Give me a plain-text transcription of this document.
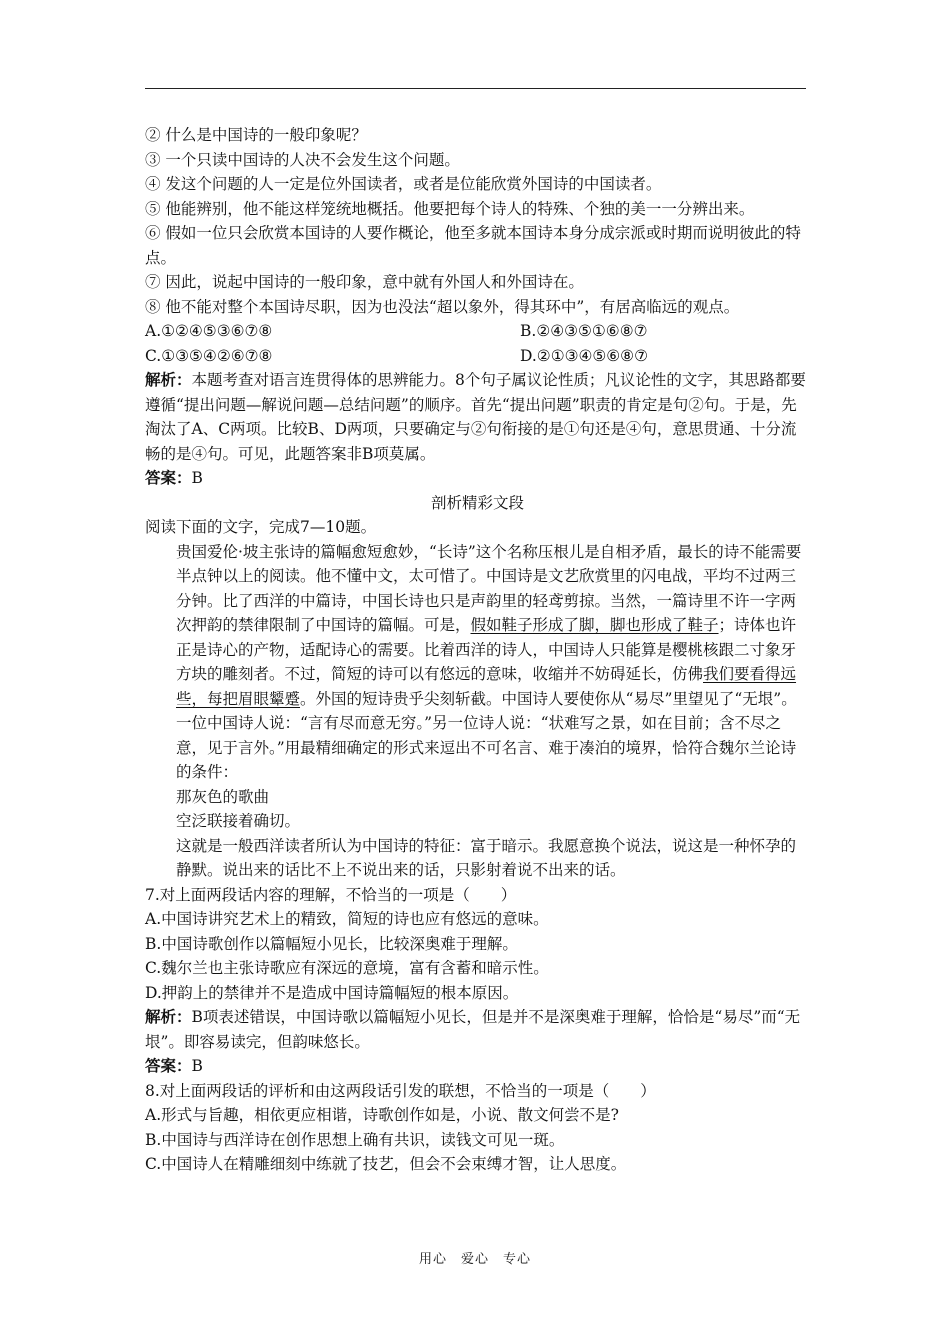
② 什么是中国诗的一般印象呢？
③ 一个只读中国诗的人决不会发生这个问题。
④ 发这个问题的人一定是位外国读者，或者是位能欣赏外国诗的中国读者。
⑤ 他能辨别，他不能这样笼统地概括。他要把每个诗人的特殊、个独的美一一分辨出来。
⑥ 假如一位只会欣赏本国诗的人要作概论，他至多就本国诗本身分成宗派或时期而说明彼此的特点。
⑦ 因此，说起中国诗的一般印象，意中就有外国人和外国诗在。
⑧ 他不能对整个本国诗尽职，因为也没法“超以象外，得其环中”，有居高临远的观点。
A.①②④⑤③⑥⑦⑧	B.②④③⑤①⑥⑧⑦
C.①③⑤④②⑥⑦⑧	D.②①③④⑤⑥⑧⑦
解析：本题考查对语言连贯得体的思辨能力。8个句子属议论性质；凡议论性的文字，其思路都要遵循“提出问题—解说问题—总结问题”的顺序。首先“提出问题”职责的肯定是句②句。于是，先淘汰了A、C两项。比较B、D两项，只要确定与②句衔接的是①句还是④句，意思贯通、十分流畅的是④句。可见，此题答案非B项莫属。
答案：B
剖析精彩文段
阅读下面的文字，完成7—10题。
贵国爱伦·坡主张诗的篇幅愈短愈妙，“长诗”这个名称压根儿是自相矛盾，最长的诗不能需要半点钟以上的阅读。他不懂中文，太可惜了。中国诗是文艺欣赏里的闪电战，平均不过两三分钟。比了西洋的中篇诗，中国长诗也只是声韵里的轻鸢剪掠。当然，一篇诗里不许一字两次押韵的禁律限制了中国诗的篇幅。可是，假如鞋子形成了脚，脚也形成了鞋子；诗体也许正是诗心的产物，适配诗心的需要。比着西洋的诗人，中国诗人只能算是樱桃核跟二寸象牙方块的雕刻者。不过，简短的诗可以有悠远的意味，收缩并不妨碍延长，仿佛我们要看得远些，每把眉眼颦蹙。外国的短诗贵乎尖刻斩截。中国诗人要使你从“易尽”里望见了“无垠”。
一位中国诗人说：“言有尽而意无穷。”另一位诗人说：“状难写之景，如在目前；含不尽之意，见于言外。”用最精细确定的形式来逗出不可名言、难于凑泊的境界，恰符合魏尔兰论诗的条件：
那灰色的歌曲
空泛联接着确切。
这就是一般西洋读者所认为中国诗的特征：富于暗示。我愿意换个说法，说这是一种怀孕的静默。说出来的话比不上不说出来的话，只影射着说不出来的话。
7.对上面两段话内容的理解，不恰当的一项是（　　）
A.中国诗讲究艺术上的精致，简短的诗也应有悠远的意味。
B.中国诗歌创作以篇幅短小见长，比较深奥难于理解。
C.魏尔兰也主张诗歌应有深远的意境，富有含蓄和暗示性。
D.押韵上的禁律并不是造成中国诗篇幅短的根本原因。
解析：B项表述错误，中国诗歌以篇幅短小见长，但是并不是深奥难于理解，恰恰是“易尽”而“无垠”。即容易读完，但韵味悠长。
答案：B
8.对上面两段话的评析和由这两段话引发的联想，不恰当的一项是（　　）
A.形式与旨趣，相依更应相谐，诗歌创作如是，小说、散文何尝不是?
B.中国诗与西洋诗在创作思想上确有共识，读钱文可见一斑。
C.中国诗人在精雕细刻中练就了技艺，但会不会束缚才智，让人思度。
用心　爱心　专心
